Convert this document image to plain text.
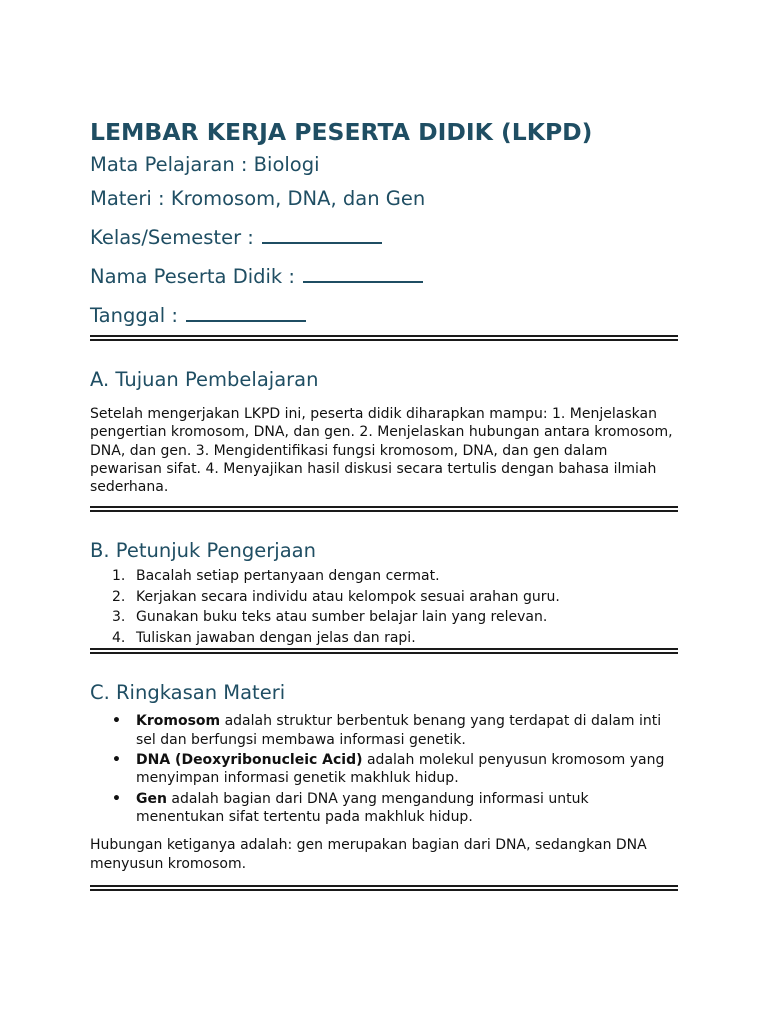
LEMBAR KERJA PESERTA DIDIK (LKPD)
Mata Pelajaran : Biologi
Materi : Kromosom, DNA, dan Gen
Kelas/Semester :
Nama Peserta Didik :
Tanggal :
A. Tujuan Pembelajaran

Setelah mengerjakan LKPD ini, peserta didik diharapkan mampu: 1. Menjelaskan pengertian kromosom, DNA, dan gen. 2. Menjelaskan hubungan antara kromosom, DNA, dan gen. 3. Mengidentifikasi fungsi kromosom, DNA, dan gen dalam pewarisan sifat. 4. Menyajikan hasil diskusi secara tertulis dengan bahasa ilmiah sederhana.

B. Petunjuk Pengerjaan
1. Bacalah setiap pertanyaan dengan cermat.
2. Kerjakan secara individu atau kelompok sesuai arahan guru.
3. Gunakan buku teks atau sumber belajar lain yang relevan.
4. Tuliskan jawaban dengan jelas dan rapi.
C. Ringkasan Materi
• Kromosom adalah struktur berbentuk benang yang terdapat di dalam inti sel dan berfungsi membawa informasi genetik.
• DNA (Deoxyribonucleic Acid) adalah molekul penyusun kromosom yang menyimpan informasi genetik makhluk hidup.
• Gen adalah bagian dari DNA yang mengandung informasi untuk menentukan sifat tertentu pada makhluk hidup.

Hubungan ketiganya adalah: gen merupakan bagian dari DNA, sedangkan DNA menyusun kromosom.
